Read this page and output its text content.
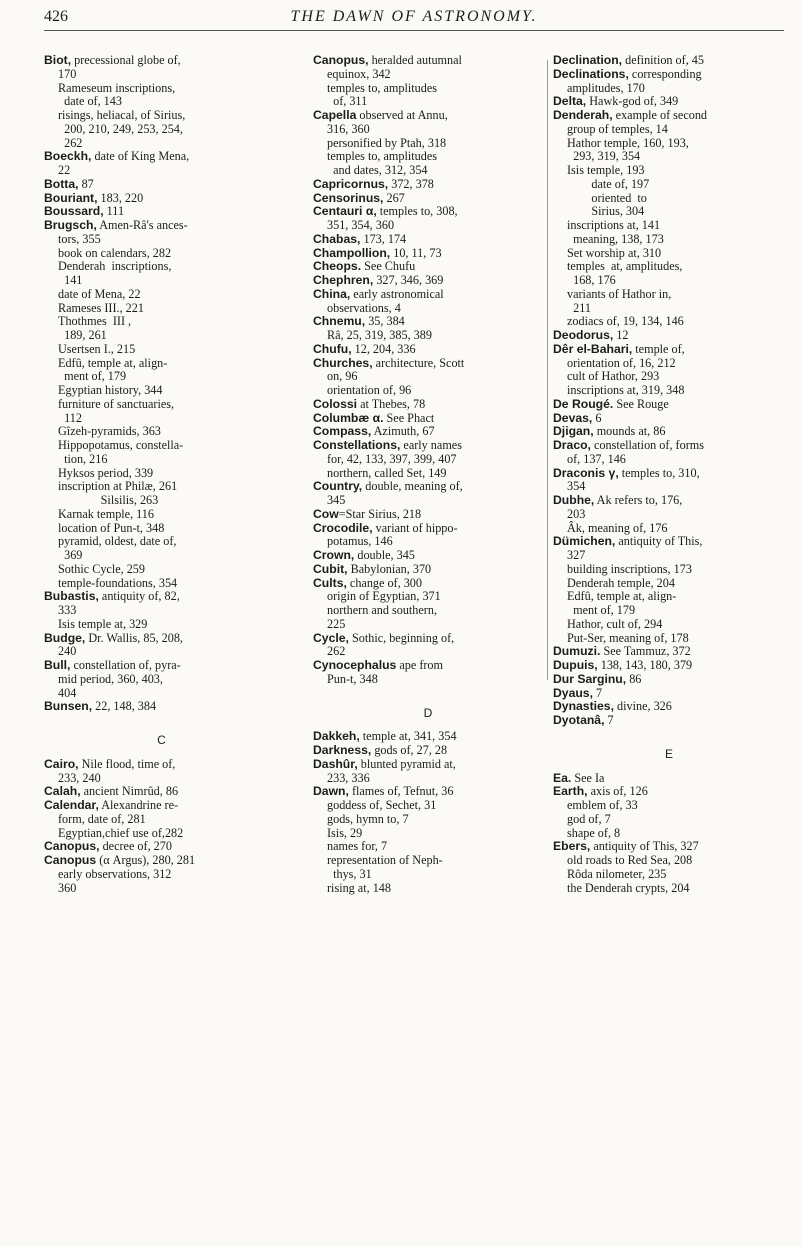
426	THE DAWN OF ASTRONOMY.
Biot, precessional globe of,
170
Rameseum inscriptions,
date of, 143
risings, heliacal, of Sirius,
200, 210, 249, 253, 254,
262
Boeckh, date of King Mena,
22
Botta, 87
Bouriant, 183, 220
Boussard, 111
Brugsch, Amen-Râ's ances-
tors, 355
book on calendars, 282
Denderah  inscriptions,
141
date of Mena, 22
Rameses III., 221
Thothmes  III ,
189, 261
Usertsen I., 215
Edfû, temple at, align-
ment of, 179
Egyptian history, 344
furniture of sanctuaries,
112
Gîzeh-pyramids, 363
Hippopotamus, constella-
tion, 216
Hyksos period, 339
inscription at Philæ, 261
Silsilis, 263
Karnak temple, 116
location of Pun-t, 348
pyramid, oldest, date of,
369
Sothic Cycle, 259
temple-foundations, 354
Bubastis, antiquity of, 82,
333
Isis temple at, 329
Budge, Dr. Wallis, 85, 208,
240
Bull, constellation of, pyra-
mid period, 360, 403,
404
Bunsen, 22, 148, 384
C
Cairo, Nile flood, time of,
233, 240
Calah, ancient Nimrûd, 86
Calendar, Alexandrine re-
form, date of, 281
Egyptian,chief use of,282
Canopus, decree of, 270
Canopus (α Argus), 280, 281
early observations, 312
360
Canopus, heralded autumnal
equinox, 342
temples to, amplitudes
of, 311
Capella observed at Annu,
316, 360
personified by Ptah, 318
temples to, amplitudes
and dates, 312, 354
Capricornus, 372, 378
Censorinus, 267
Centauri α, temples to, 308,
351, 354, 360
Chabas, 173, 174
Champollion, 10, 11, 73
Cheops. See Chufu
Chephren, 327, 346, 369
China, early astronomical
observations, 4
Chnemu, 35, 384
Râ, 25, 319, 385, 389
Chufu, 12, 204, 336
Churches, architecture, Scott
on, 96
orientation of, 96
Colossi at Thebes, 78
Columbæ α. See Phact
Compass, Azimuth, 67
Constellations, early names
for, 42, 133, 397, 399, 407
northern, called Set, 149
Country, double, meaning of,
345
Cow=Star Sirius, 218
Crocodile, variant of hippo-
potamus, 146
Crown, double, 345
Cubit, Babylonian, 370
Cults, change of, 300
origin of Egyptian, 371
northern and southern,
225
Cycle, Sothic, beginning of,
262
Cynocephalus ape from
Pun-t, 348
D
Dakkeh, temple at, 341, 354
Darkness, gods of, 27, 28
Dashûr, blunted pyramid at,
233, 336
Dawn, flames of, Tefnut, 36
goddess of, Sechet, 31
gods, hymn to, 7
Isis, 29
names for, 7
representation of Neph-
thys, 31
rising at, 148
Declination, definition of, 45
Declinations, corresponding
amplitudes, 170
Delta, Hawk-god of, 349
Denderah, example of second
group of temples, 14
Hathor temple, 160, 193,
293, 319, 354
Isis temple, 193
date of, 197
oriented  to
Sirius, 304
inscriptions at, 141
meaning, 138, 173
Set worship at, 310
temples  at, amplitudes,
168, 176
variants of Hathor in,
211
zodiacs of, 19, 134, 146
Deodorus, 12
Dêr el-Bahari, temple of,
orientation of, 16, 212
cult of Hathor, 293
inscriptions at, 319, 348
De Rougé. See Rouge
Devas, 6
Djigan, mounds at, 86
Draco, constellation of, forms
of, 137, 146
Draconis γ, temples to, 310,
354
Dubhe, Ak refers to, 176,
203
Âk, meaning of, 176
Dümichen, antiquity of This,
327
building inscriptions, 173
Denderah temple, 204
Edfû, temple at, align-
ment of, 179
Hathor, cult of, 294
Put-Ser, meaning of, 178
Dumuzi. See Tammuz, 372
Dupuis, 138, 143, 180, 379
Dur Sarginu, 86
Dyaus, 7
Dynasties, divine, 326
Dyotanâ, 7
E
Ea. See Ia
Earth, axis of, 126
emblem of, 33
god of, 7
shape of, 8
Ebers, antiquity of This, 327
old roads to Red Sea, 208
Rôda nilometer, 235
the Denderah crypts, 204
